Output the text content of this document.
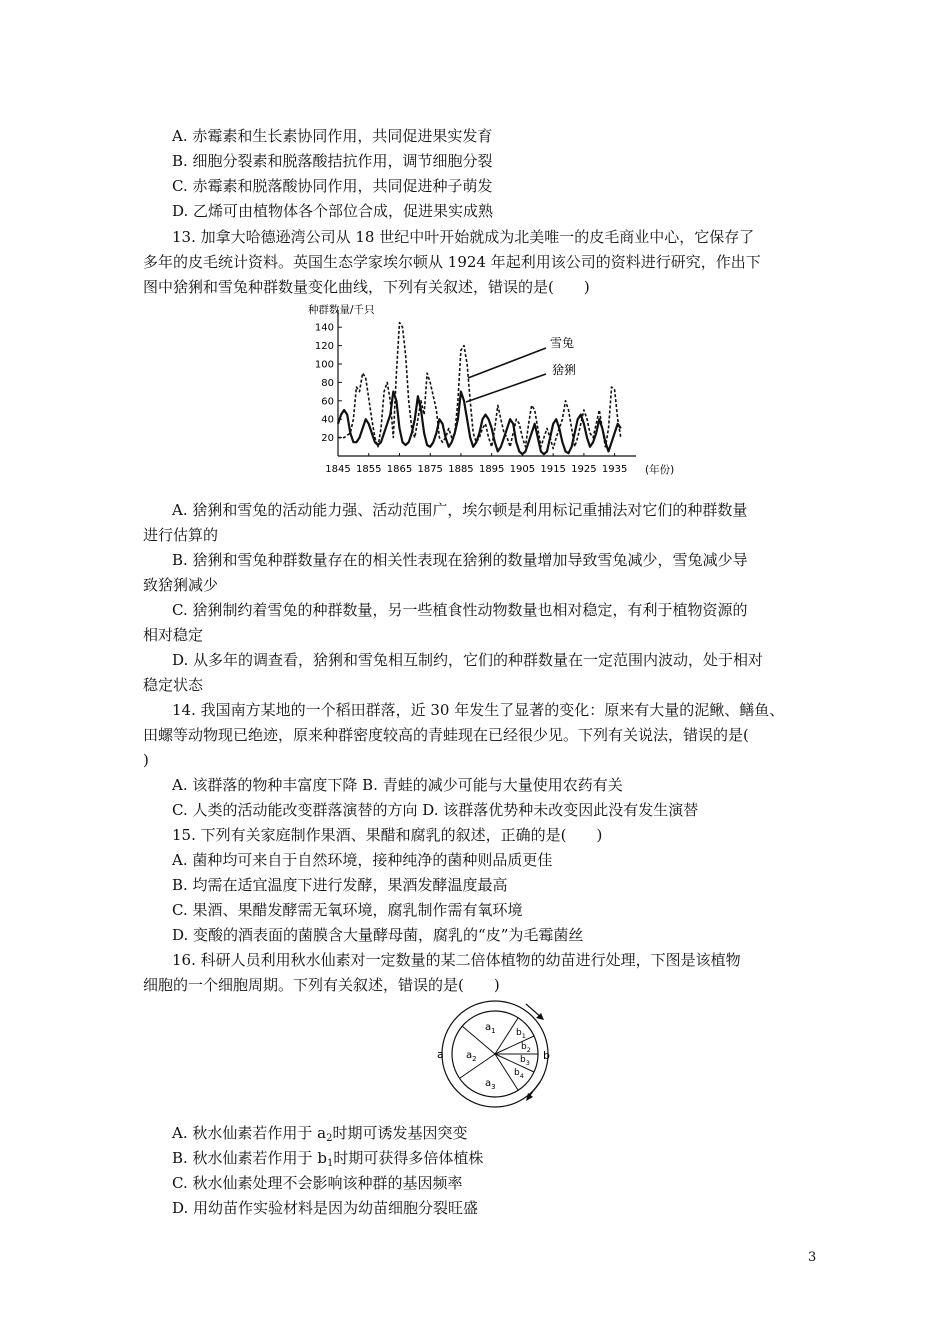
A. 赤霉素和生长素协同作用，共同促进果实发育
B. 细胞分裂素和脱落酸拮抗作用，调节细胞分裂
C. 赤霉素和脱落酸协同作用，共同促进种子萌发
D. 乙烯可由植物体各个部位合成，促进果实成熟
13. 加拿大哈德逊湾公司从 18 世纪中叶开始就成为北美唯一的皮毛商业中心，它保存了
多年的皮毛统计资料。英国生态学家埃尔顿从 1924 年起利用该公司的资料进行研究，作出下
图中猞猁和雪兔种群数量变化曲线，下列有关叙述，错误的是(　　)
种群数量/千只
(年份)
20
40
60
80
100
120
140
1845 1855 1865 1875 1885 1895 1905 1915 1925 1935
雪兔
猞猁
A. 猞猁和雪兔的活动能力强、活动范围广，埃尔顿是利用标记重捕法对它们的种群数量
进行估算的
B. 猞猁和雪兔种群数量存在的相关性表现在猞猁的数量增加导致雪兔减少，雪兔减少导
致猞猁减少
C. 猞猁制约着雪兔的种群数量，另一些植食性动物数量也相对稳定，有利于植物资源的
相对稳定
D. 从多年的调查看，猞猁和雪兔相互制约，它们的种群数量在一定范围内波动，处于相对
稳定状态
14. 我国南方某地的一个稻田群落，近 30 年发生了显著的变化：原来有大量的泥鳅、鳝鱼、
田螺等动物现已绝迹，原来种群密度较高的青蛙现在已经很少见。下列有关说法，错误的是(
)
A. 该群落的物种丰富度下降 B. 青蛙的减少可能与大量使用农药有关
C. 人类的活动能改变群落演替的方向 D. 该群落优势种未改变因此没有发生演替
15. 下列有关家庭制作果酒、果醋和腐乳的叙述，正确的是(　　)
A. 菌种均可来自于自然环境，接种纯净的菌种则品质更佳
B. 均需在适宜温度下进行发酵，果酒发酵温度最高
C. 果酒、果醋发酵需无氧环境，腐乳制作需有氧环境
D. 变酸的酒表面的菌膜含大量酵母菌，腐乳的“皮”为毛霉菌丝
16. 科研人员利用秋水仙素对一定数量的某二倍体植物的幼苗进行处理，下图是该植物
细胞的一个细胞周期。下列有关叙述，错误的是(　　)
a	b
$a_1$
$a_2$
$a_3$
$b_1$
$b_2$
$b_3$
$b_4$
A. 秋水仙素若作用于 $a_2$时期可诱发基因突变
B. 秋水仙素若作用于 $b_1$时期可获得多倍体植株
C. 秋水仙素处理不会影响该种群的基因频率
D. 用幼苗作实验材料是因为幼苗细胞分裂旺盛
3
